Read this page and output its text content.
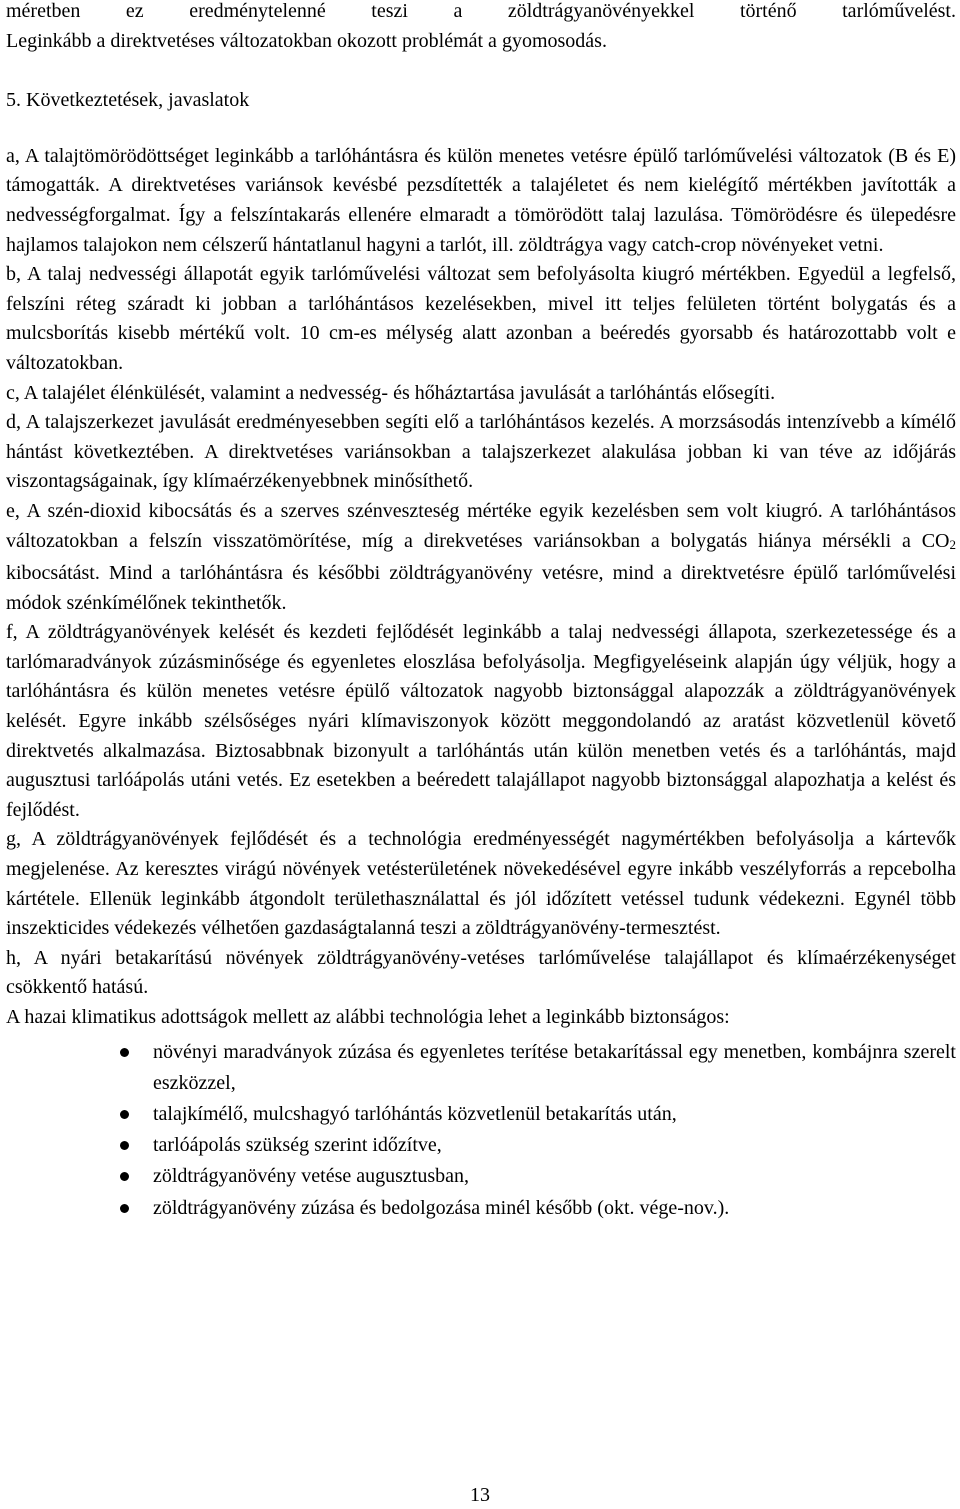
méretben ez eredménytelenné teszi a zöldtrágyanövényekkel történő tarlóművelést.

Leginkább a direktvetéses változatokban okozott problémát a gyomosodás.

5. Következtetések, javaslatok

a, A talajtömörödöttséget leginkább a tarlóhántásra és külön menetes vetésre épülő tarlóművelési változatok (B és E) támogatták. A direktvetéses variánsok kevésbé pezsdítették a talajéletet és nem kielégítő mértékben javították a nedvességforgalmat. Így a felszíntakarás ellenére elmaradt a tömörödött talaj lazulása. Tömörödésre és ülepedésre hajlamos talajokon nem célszerű hántatlanul hagyni a tarlót, ill. zöldtrágya vagy catch-crop növényeket vetni.

b, A talaj nedvességi állapotát egyik tarlóművelési változat sem befolyásolta kiugró mértékben. Egyedül a legfelső, felszíni réteg száradt ki jobban a tarlóhántásos kezelésekben, mivel itt teljes felületen történt bolygatás és a mulcsborítás kisebb mértékű volt. 10 cm-es mélység alatt azonban a beéredés gyorsabb és határozottabb volt e változatokban.

c, A talajélet élénkülését, valamint a nedvesség- és hőháztartása javulását a tarlóhántás elősegíti.

d, A talajszerkezet javulását eredményesebben segíti elő a tarlóhántásos kezelés. A morzsásodás intenzívebb a kímélő hántást következtében. A direktvetéses variánsokban a talajszerkezet alakulása jobban ki van téve az időjárás viszontagságainak, így klímaérzékenyebbnek minősíthető.

e, A szén-dioxid kibocsátás és a szerves szénveszteség mértéke egyik kezelésben sem volt kiugró. A tarlóhántásos változatokban a felszín visszatömörítése, míg a direkvetéses variánsokban a bolygatás hiánya mérsékli a $CO_2$ kibocsátást. Mind a tarlóhántásra és későbbi zöldtrágyanövény vetésre, mind a direktvetésre épülő tarlóművelési módok szénkímélőnek tekinthetők.

f, A zöldtrágyanövények kelését és kezdeti fejlődését leginkább a talaj nedvességi állapota, szerkezetessége és a tarlómaradványok zúzásminősége és egyenletes eloszlása befolyásolja. Megfigyeléseink alapján úgy véljük, hogy a tarlóhántásra és külön menetes vetésre épülő változatok nagyobb biztonsággal alapozzák a zöldtrágyanövények kelését. Egyre inkább szélsőséges nyári klímaviszonyok között meggondolandó az aratást közvetlenül követő direktvetés alkalmazása. Biztosabbnak bizonyult a tarlóhántás után külön menetben vetés és a tarlóhántás, majd augusztusi tarlóápolás utáni vetés. Ez esetekben a beéredett talajállapot nagyobb biztonsággal alapozhatja a kelést és fejlődést.

g, A zöldtrágyanövények fejlődését és a technológia eredményességét nagymértékben befolyásolja a kártevők megjelenése. Az keresztes virágú növények vetésterületének növekedésével egyre inkább veszélyforrás a repcebolha kártétele. Ellenük leginkább átgondolt területhasználattal és jól időzített vetéssel tudunk védekezni. Egynél több inszekticides védekezés vélhetően gazdaságtalanná teszi a zöldtrágyanövény-termesztést.

h, A nyári betakarítású növények zöldtrágyanövény-vetéses tarlóművelése talajállapot és klímaérzékenységet csökkentő hatású.

A hazai klimatikus adottságok mellett az alábbi technológia lehet a leginkább biztonságos:

növényi maradványok zúzása és egyenletes terítése betakarítással egy menetben, kombájnra szerelt eszközzel,
talajkímélő, mulcshagyó tarlóhántás közvetlenül betakarítás után,
tarlóápolás szükség szerint időzítve,
zöldtrágyanövény vetése augusztusban,
zöldtrágyanövény zúzása és bedolgozása minél később (okt. vége-nov.).
13
